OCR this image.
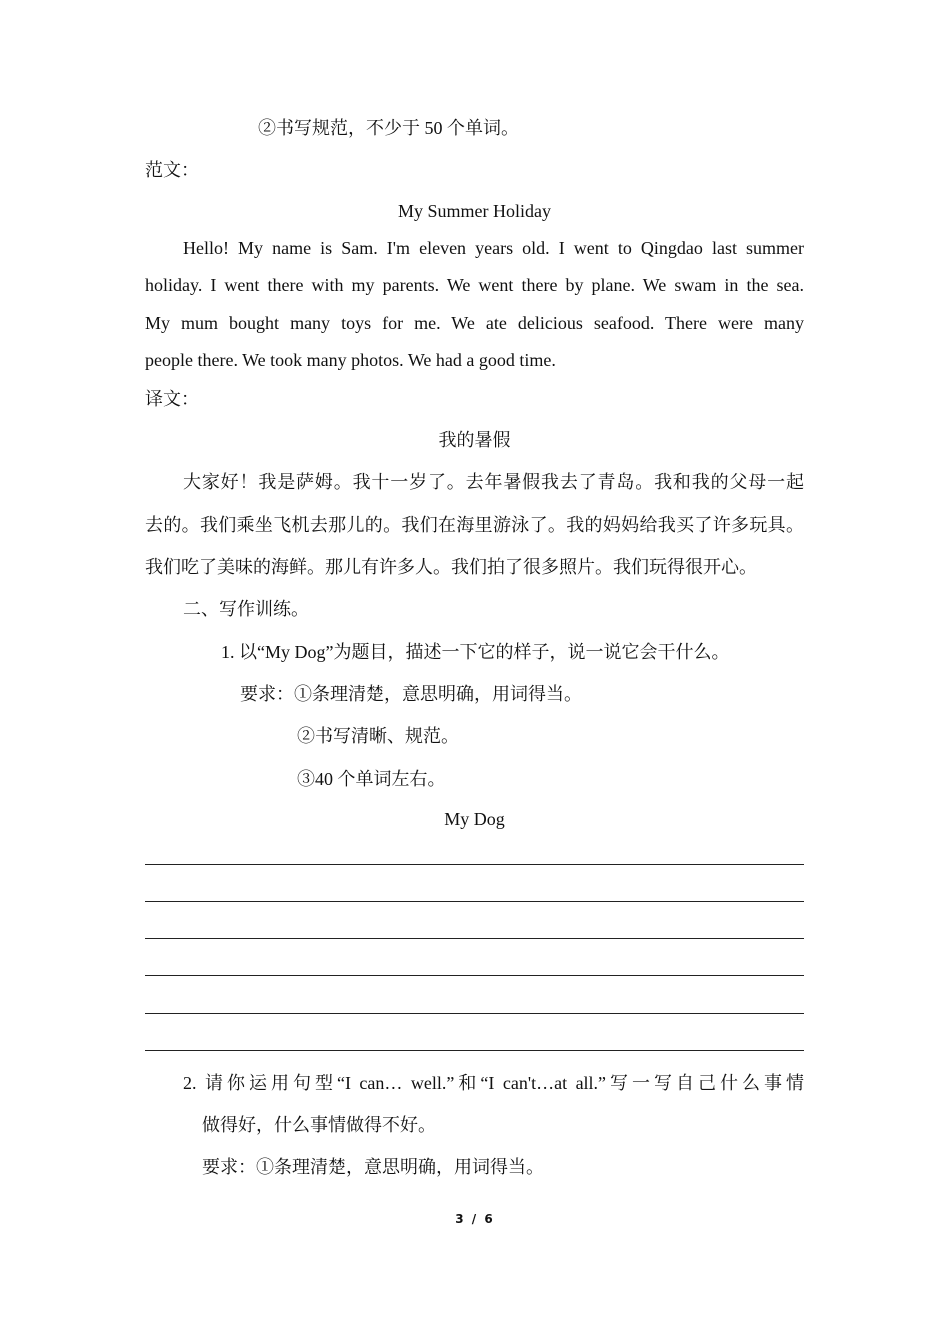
②书写规范，不少于 50 个单词。
范文：
My Summer Holiday
Hello! My name is Sam. I'm eleven years old. I went to Qingdao last summer
holiday. I went there with my parents. We went there by plane. We swam in the sea.
My mum bought many toys for me. We ate delicious seafood. There were many
people there. We took many photos. We had a good time.
译文：
我的暑假
大家好！我是萨姆。我十一岁了。去年暑假我去了青岛。我和我的父母一起
去的。我们乘坐飞机去那儿的。我们在海里游泳了。我的妈妈给我买了许多玩具。
我们吃了美味的海鲜。那儿有许多人。我们拍了很多照片。我们玩得很开心。
二、写作训练。
1. 以“My Dog”为题目，描述一下它的样子，说一说它会干什么。
要求：①条理清楚，意思明确，用词得当。
②书写清晰、规范。
③40 个单词左右。
My Dog
2. 请你运用句型“I can… well.”和“I can't…at all.”写一写自己什么事情
做得好，什么事情做得不好。
要求：①条理清楚，意思明确，用词得当。
3 / 6
